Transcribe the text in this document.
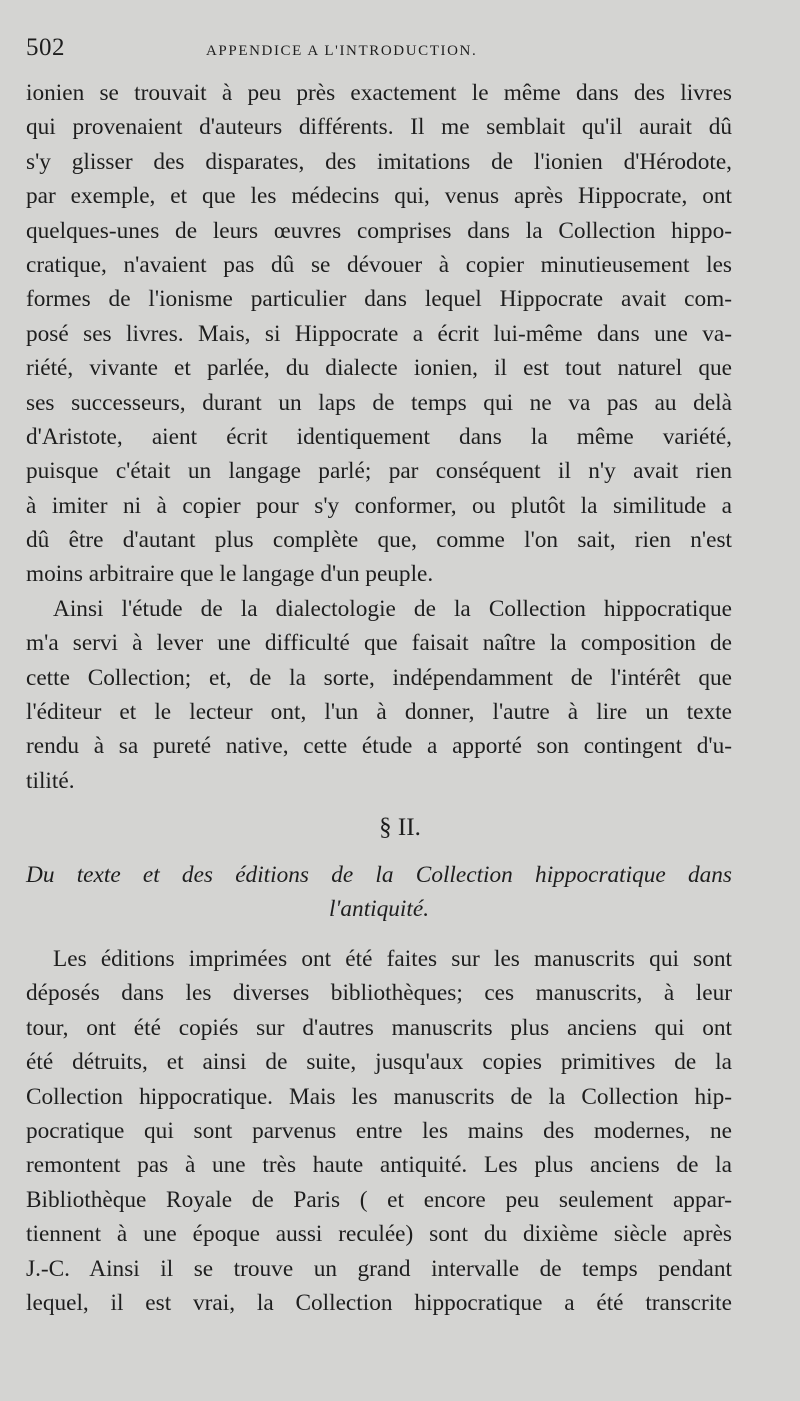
502	APPENDICE A L'INTRODUCTION.
ionien se trouvait à peu près exactement le même dans des livres
qui provenaient d'auteurs différents. Il me semblait qu'il aurait dû
s'y glisser des disparates, des imitations de l'ionien d'Hérodote,
par exemple, et que les médecins qui, venus après Hippocrate, ont
quelques-unes de leurs œuvres comprises dans la Collection hippo-
cratique, n'avaient pas dû se dévouer à copier minutieusement les
formes de l'ionisme particulier dans lequel Hippocrate avait com-
posé ses livres. Mais, si Hippocrate a écrit lui-même dans une va-
riété, vivante et parlée, du dialecte ionien, il est tout naturel que
ses successeurs, durant un laps de temps qui ne va pas au delà
d'Aristote, aient écrit identiquement dans la même variété,
puisque c'était un langage parlé; par conséquent il n'y avait rien
à imiter ni à copier pour s'y conformer, ou plutôt la similitude a
dû être d'autant plus complète que, comme l'on sait, rien n'est
moins arbitraire que le langage d'un peuple.
Ainsi l'étude de la dialectologie de la Collection hippocratique
m'a servi à lever une difficulté que faisait naître la composition de
cette Collection; et, de la sorte, indépendamment de l'intérêt que
l'éditeur et le lecteur ont, l'un à donner, l'autre à lire un texte
rendu à sa pureté native, cette étude a apporté son contingent d'u-
tilité.
§ II.
Du texte et des éditions de la Collection hippocratique dans
l'antiquité.
Les éditions imprimées ont été faites sur les manuscrits qui sont
déposés dans les diverses bibliothèques; ces manuscrits, à leur
tour, ont été copiés sur d'autres manuscrits plus anciens qui ont
été détruits, et ainsi de suite, jusqu'aux copies primitives de la
Collection hippocratique. Mais les manuscrits de la Collection hip-
pocratique qui sont parvenus entre les mains des modernes, ne
remontent pas à une très haute antiquité. Les plus anciens de la
Bibliothèque Royale de Paris ( et encore peu seulement appar-
tiennent à une époque aussi reculée) sont du dixième siècle après
J.-C. Ainsi il se trouve un grand intervalle de temps pendant
lequel, il est vrai, la Collection hippocratique a été transcrite
